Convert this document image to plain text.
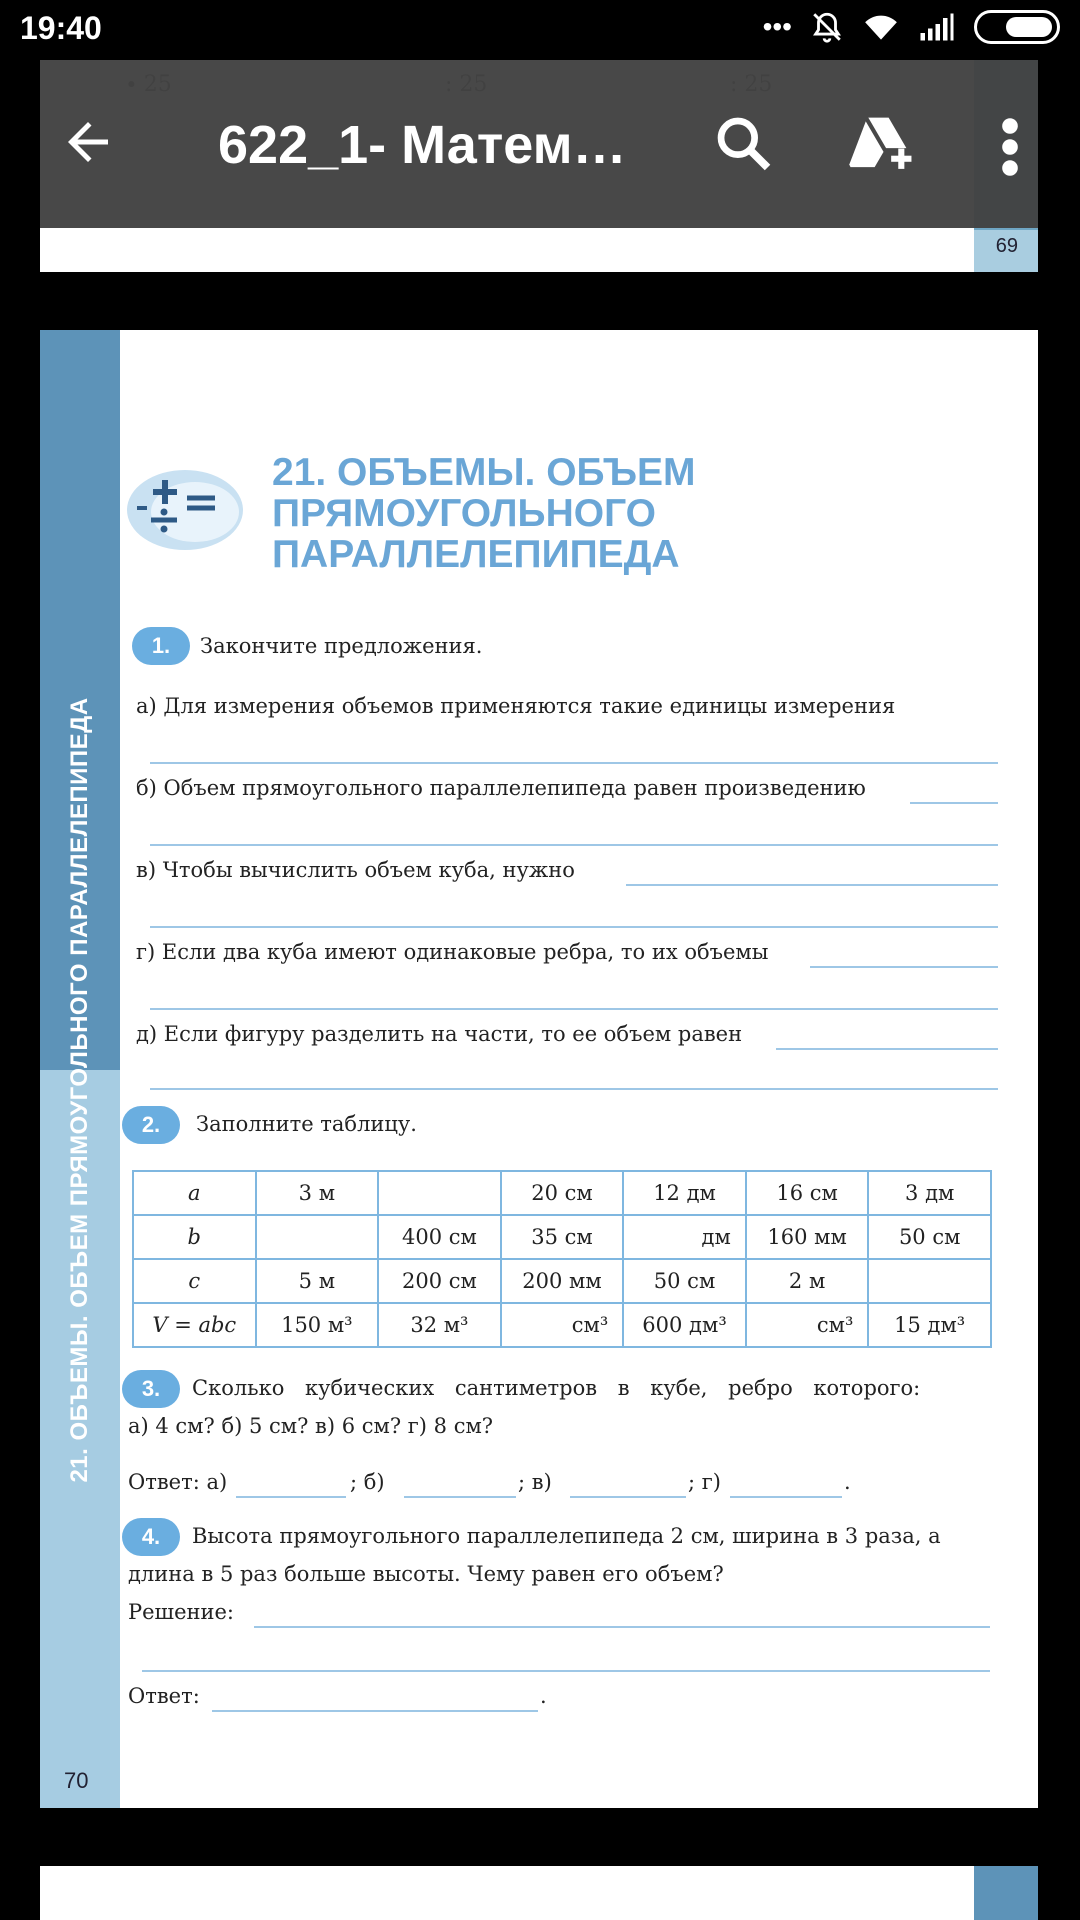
19:40	•••
69
622_1- Матем…
21. ОБЪЕМЫ. ОБЪЕМ ПРЯМОУГОЛЬНОГО ПАРАЛЛЕЛЕПИПЕДА
70
21. ОБЪЕМЫ. ОБЪЕМ
ПРЯМОУГОЛЬНОГО
ПАРАЛЛЕЛЕПИПЕДА
1.	Закончите предложения.
а) Для измерения объемов применяются такие единицы измерения
б) Объем прямоугольного параллелепипеда равен произведению
в) Чтобы вычислить объем куба, нужно
г) Если два куба имеют одинаковые ребра, то их объемы
д) Если фигуру разделить на части, то ее объем равен
2.	Заполните таблицу.
a	3 м		20 см	12 дм	16 см	3 дм
b		400 см	35 см	дм	160 мм	50 см
c	5 м	200 см	200 мм	50 см	2 м	
V = abc	150 м³	32 м³	см³	600 дм³	см³	15 дм³
3.	Сколько кубических сантиметров в кубе, ребро которого:
а) 4 см? б) 5 см? в) 6 см? г) 8 см?
Ответ: а)	; б)	; в)	; г)	.
4.	Высота прямоугольного параллелепипеда 2 см, ширина в 3 раза, а
длина в 5 раз больше высоты. Чему равен его объем?
Решение:
Ответ:	.
